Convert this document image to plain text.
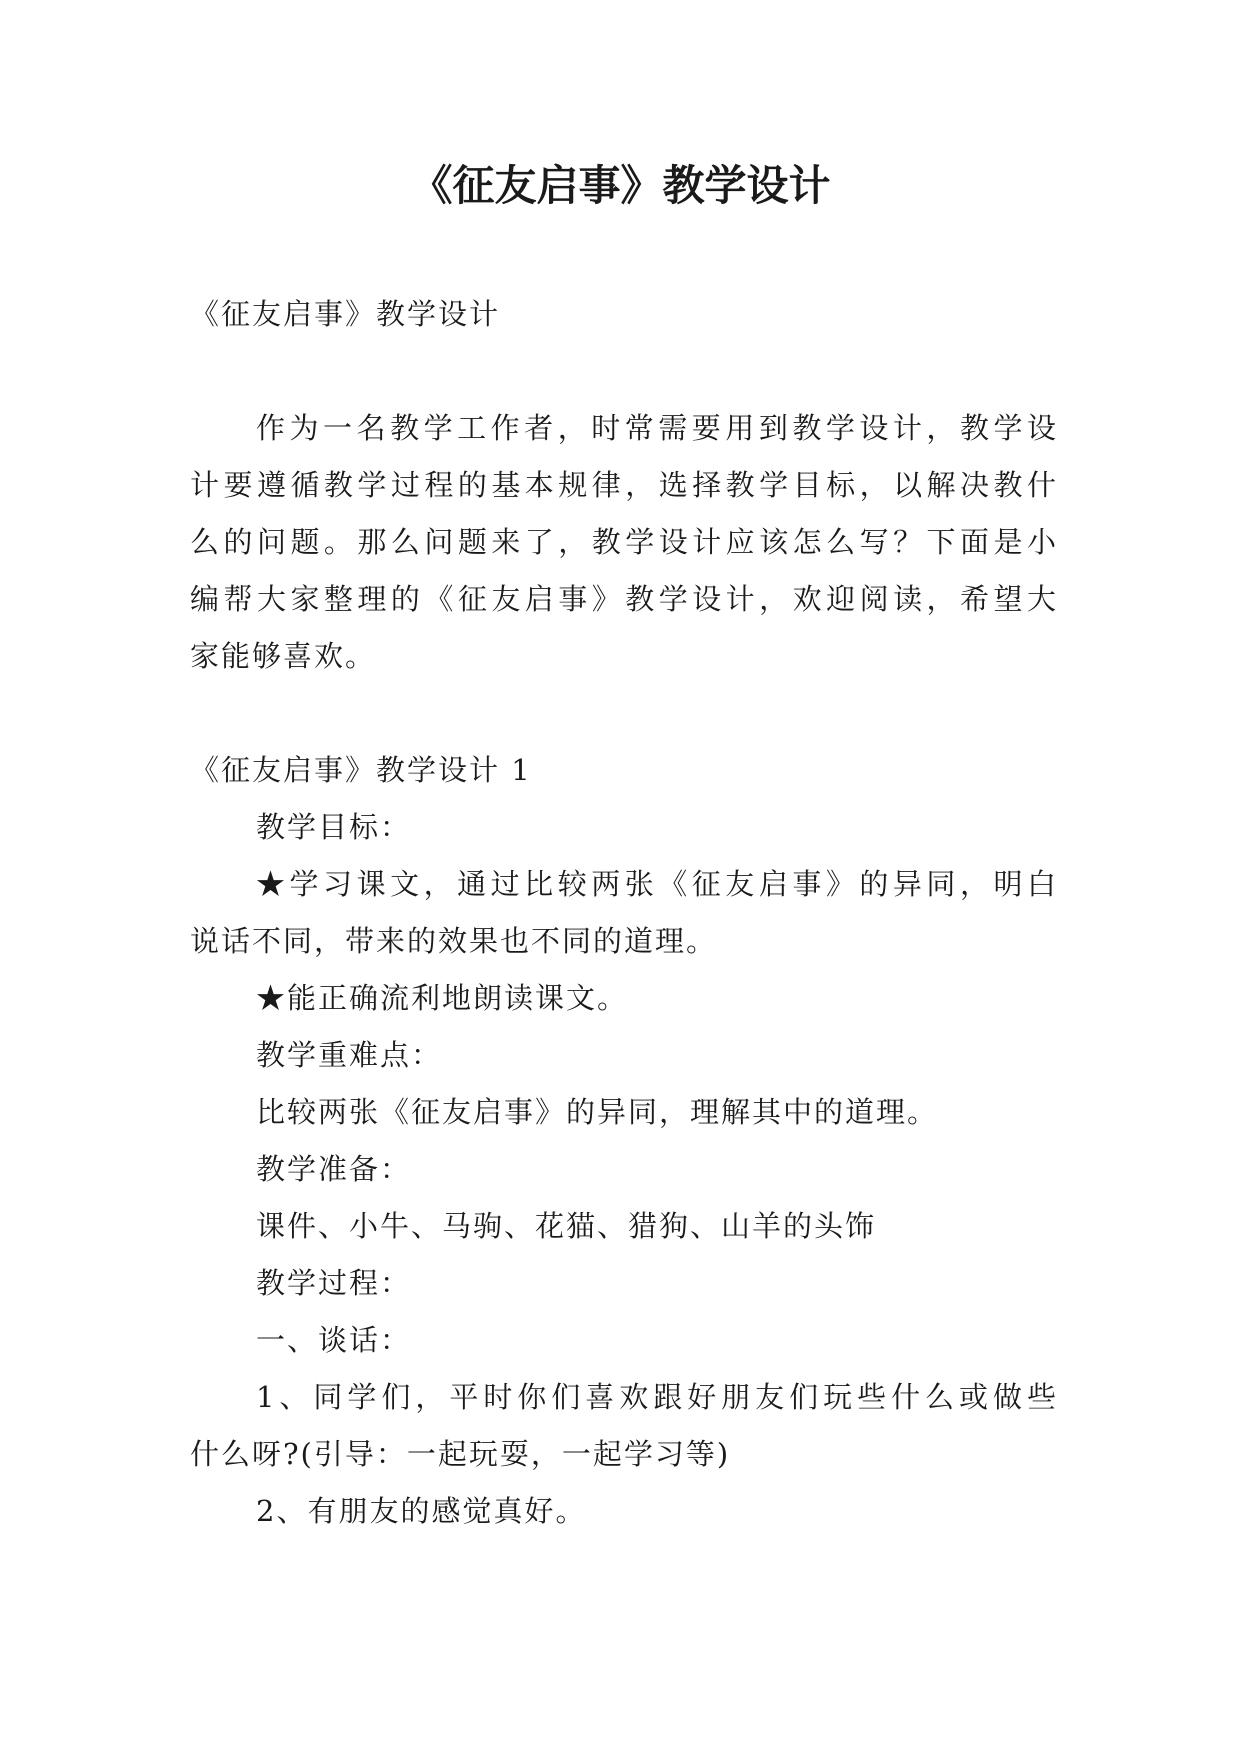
《征友启事》教学设计

《征友启事》教学设计

作为一名教学工作者，时常需要用到教学设计，教学设

计要遵循教学过程的基本规律，选择教学目标，以解决教什

么的问题。那么问题来了，教学设计应该怎么写？下面是小

编帮大家整理的《征友启事》教学设计，欢迎阅读，希望大

家能够喜欢。

《征友启事》教学设计 1

教学目标：

★学习课文，通过比较两张《征友启事》的异同，明白

说话不同，带来的效果也不同的道理。

★能正确流利地朗读课文。

教学重难点：

比较两张《征友启事》的异同，理解其中的道理。

教学准备：

课件、小牛、马驹、花猫、猎狗、山羊的头饰

教学过程：

一、谈话：

1、同学们，平时你们喜欢跟好朋友们玩些什么或做些

什么呀?(引导：一起玩耍，一起学习等)

2、有朋友的感觉真好。
